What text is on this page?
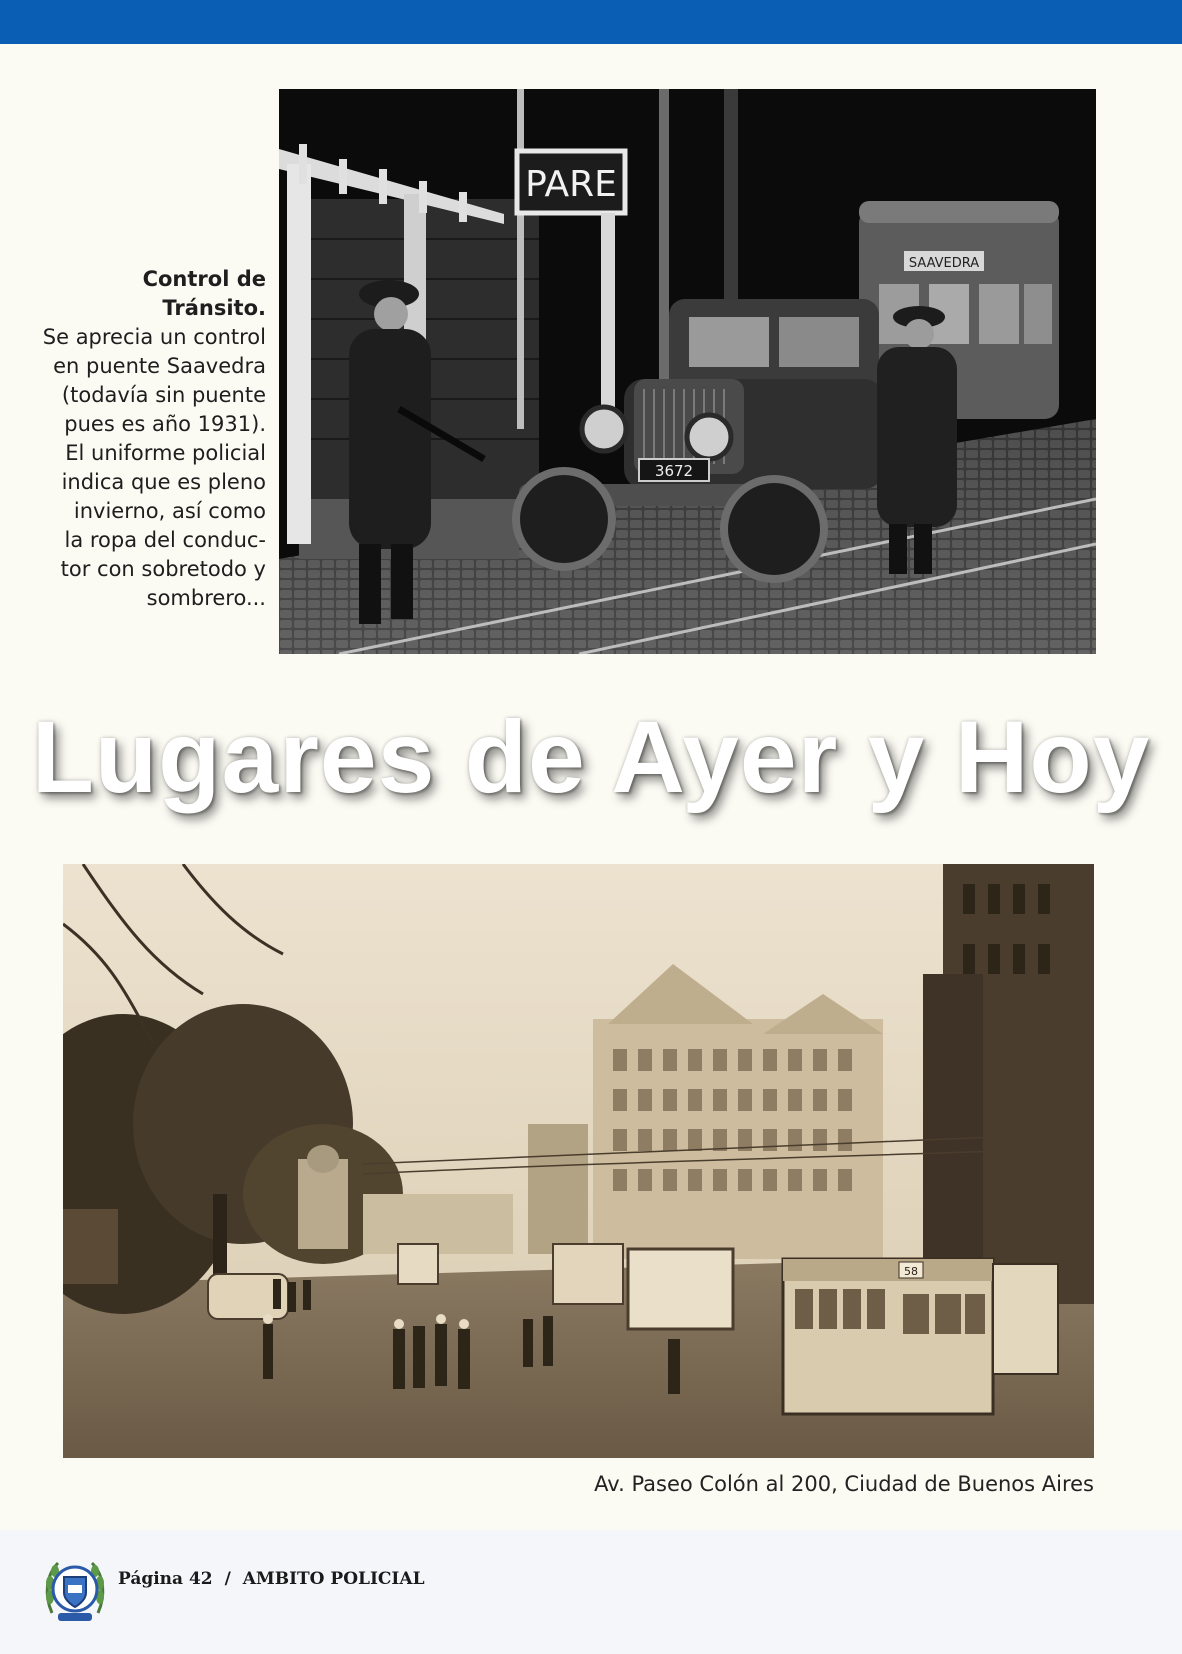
PARE
SAAVEDRA
3672
Control de Tránsito.
Se aprecia un control
en puente Saavedra
(todavía sin puente
pues es año 1931).
El uniforme policial
indica que es pleno
invierno, así como
la ropa del conduc-
tor con sobretodo y
sombrero...
Lugares de Ayer y Hoy
58
Av. Paseo Colón al 200, Ciudad de Buenos Aires
Página 42 / AMBITO POLICIAL
